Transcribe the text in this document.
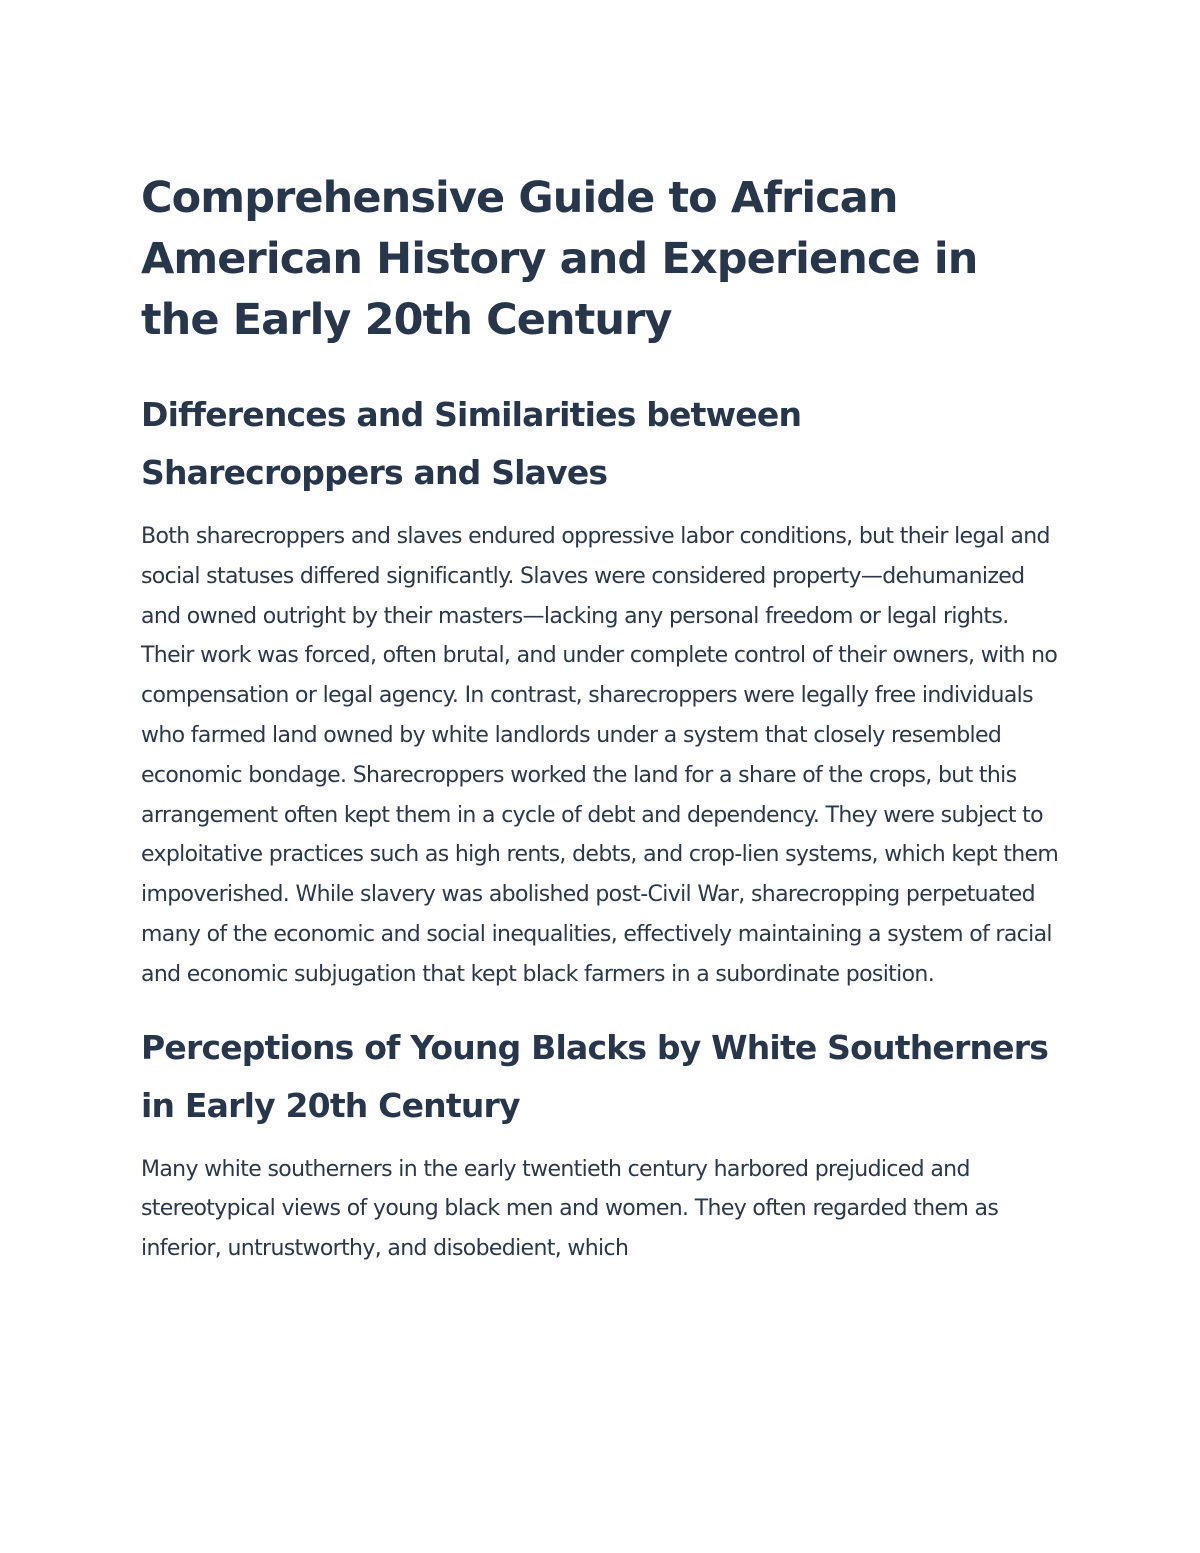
Comprehensive Guide to African American History and Experience in the Early 20th Century
Differences and Similarities between Sharecroppers and Slaves

Both sharecroppers and slaves endured oppressive labor conditions, but their legal and social statuses differed significantly. Slaves were considered property—dehumanized and owned outright by their masters—lacking any personal freedom or legal rights. Their work was forced, often brutal, and under complete control of their owners, with no compensation or legal agency. In contrast, sharecroppers were legally free individuals who farmed land owned by white landlords under a system that closely resembled economic bondage. Sharecroppers worked the land for a share of the crops, but this arrangement often kept them in a cycle of debt and dependency. They were subject to exploitative practices such as high rents, debts, and crop-lien systems, which kept them impoverished. While slavery was abolished post-Civil War, sharecropping perpetuated many of the economic and social inequalities, effectively maintaining a system of racial and economic subjugation that kept black farmers in a subordinate position.

Perceptions of Young Blacks by White Southerners in Early 20th Century

Many white southerners in the early twentieth century harbored prejudiced and stereotypical views of young black men and women. They often regarded them as inferior, untrustworthy, and disobedient, which
